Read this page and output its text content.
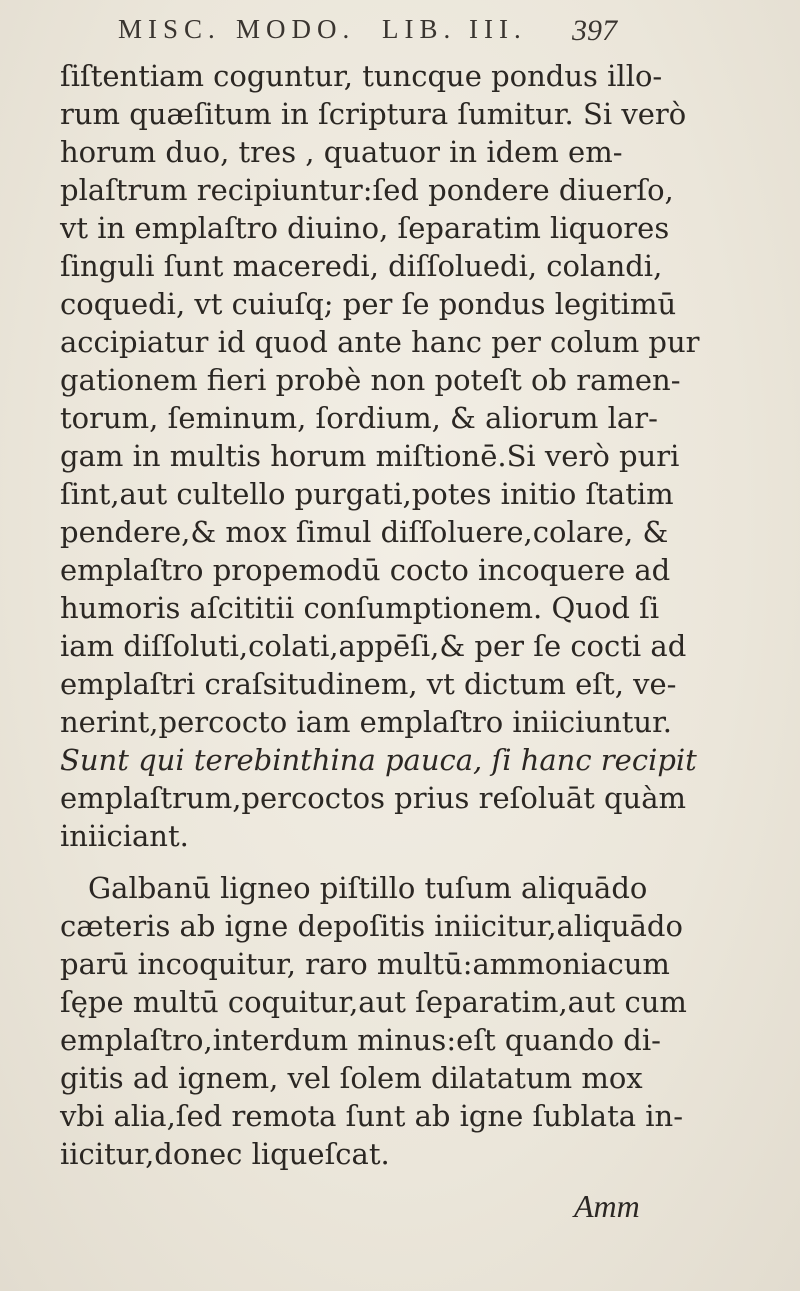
MISC. MODO. LIB. III. 397
ſiſtentiam coguntur, tuncque pondus illo-
rum quæſitum in ſcriptura ſumitur. Si verò
horum duo, tres , quatuor in idem em-
plaſtrum recipiuntur:ſed pondere diuerſo,
vt in emplaſtro diuino, ſeparatim liquores
ſinguli ſunt maceredi, diſſoluedi, colandi,
coquedi, vt cuiuſq; per ſe pondus legitimū
accipiatur id quod ante hanc per colum pur
gationem fieri probè non poteſt ob ramen-
torum, ſeminum, ſordium, & aliorum lar-
gam in multis horum miſtionē.Si verò puri
ſint,aut cultello purgati,potes initio ſtatim
pendere,& mox ſimul diſſoluere,colare, &
emplaſtro propemodū cocto incoquere ad
humoris aſcititii conſumptionem. Quod ſi
iam diſſoluti,colati,appēſi,& per ſe cocti ad
emplaſtri craſsitudinem, vt dictum eſt, ve-
nerint,percocto iam emplaſtro iniiciuntur.
Sunt qui terebinthina pauca, ſi hanc recipit
emplaſtrum,percoctos prius reſoluāt quàm
iniiciant.
Galbanū ligneo piſtillo tuſum aliquādo
cæteris ab igne depoſitis iniicitur,aliquādo
parū incoquitur, raro multū:ammoniacum
ſępe multū coquitur,aut ſeparatim,aut cum
emplaſtro,interdum minus:eſt quando di-
gitis ad ignem, vel ſolem dilatatum mox
vbi alia,ſed remota ſunt ab igne ſublata in-
iicitur,donec liqueſcat.
Amm
